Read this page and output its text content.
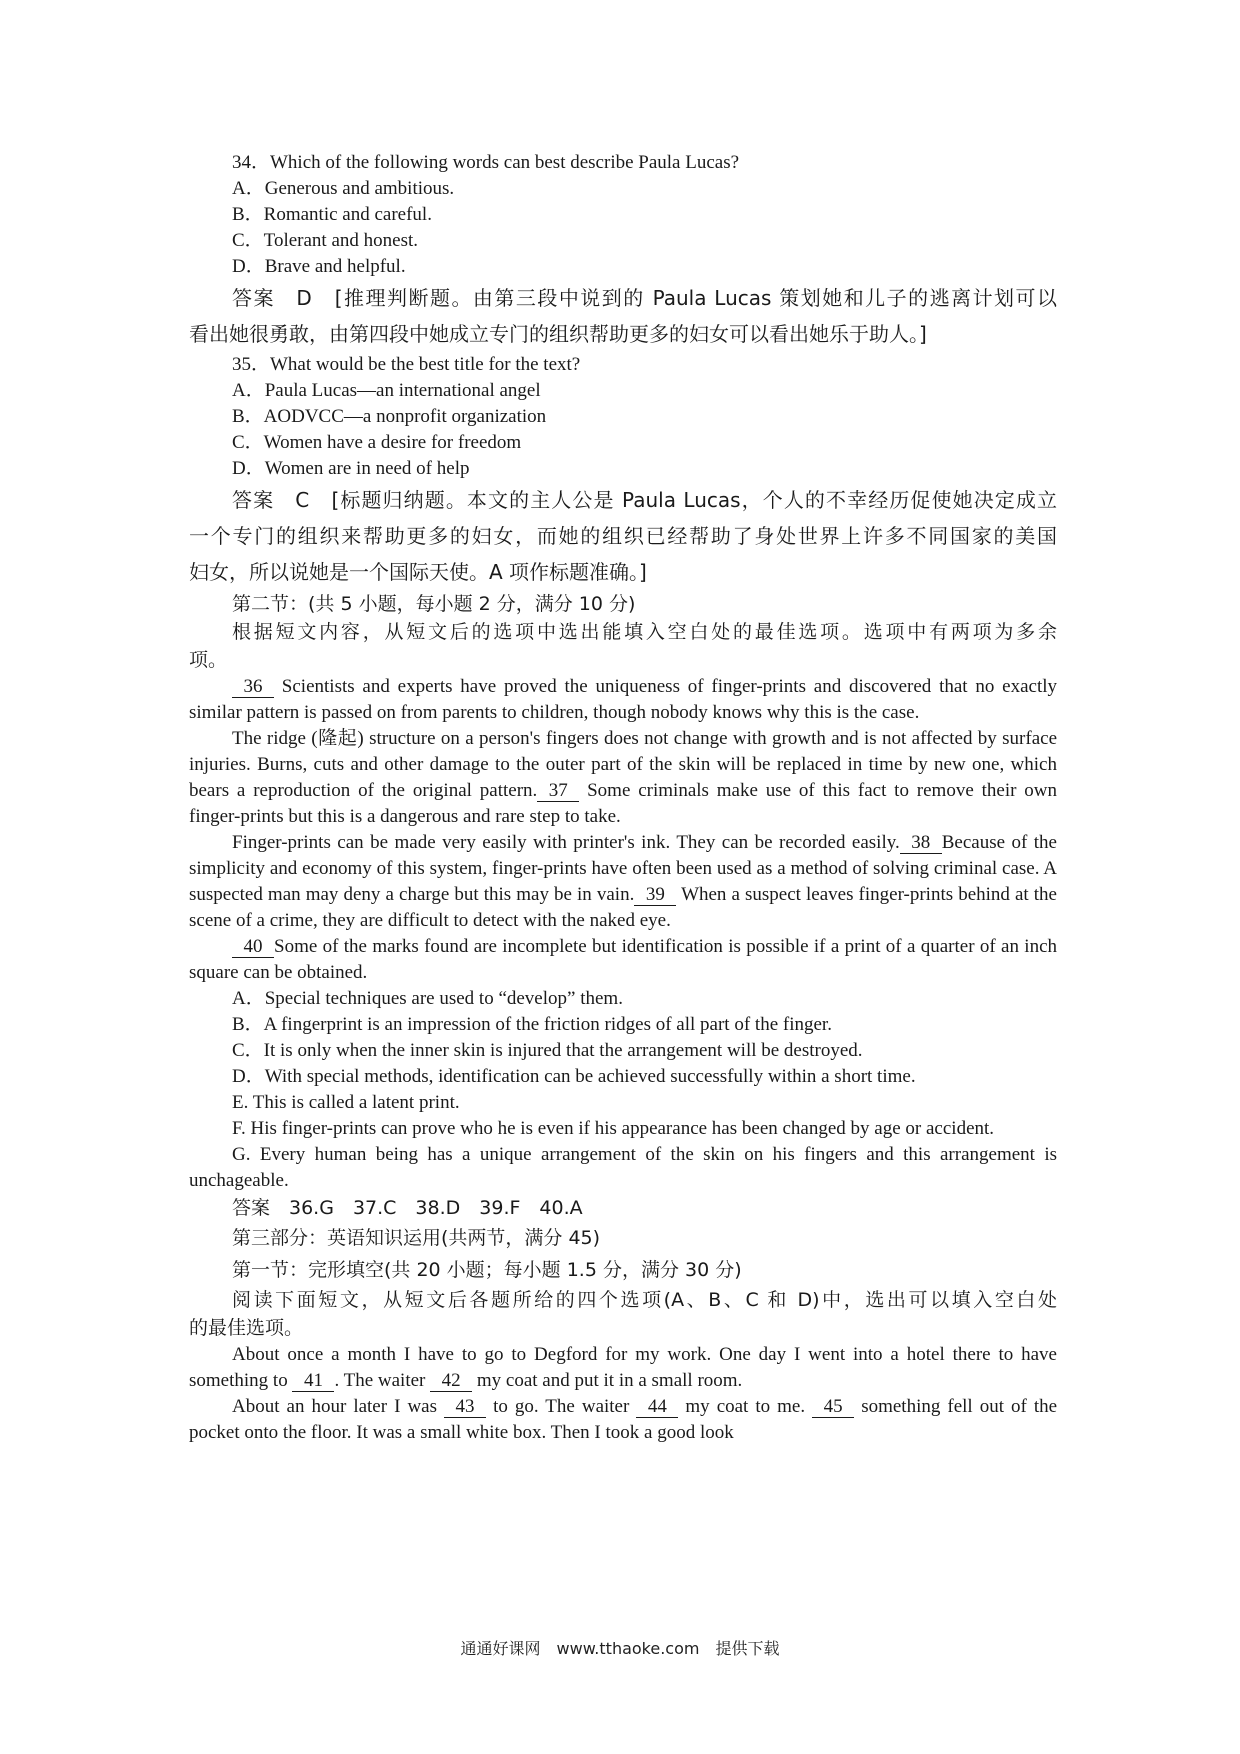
34．Which of the following words can best describe Paula Lucas?
A．Generous and ambitious.
B．Romantic and careful.
C．Tolerant and honest.
D．Brave and helpful.
答案　D　[推理判断题。由第三段中说到的 Paula Lucas 策划她和儿子的逃离计划可以
看出她很勇敢，由第四段中她成立专门的组织帮助更多的妇女可以看出她乐于助人。]
35．What would be the best title for the text?
A．Paula Lucas—an international angel
B．AODVCC—a nonprofit organization
C．Women have a desire for freedom
D．Women are in need of help
答案　C　[标题归纳题。本文的主人公是 Paula Lucas，个人的不幸经历促使她决定成立
一个专门的组织来帮助更多的妇女，而她的组织已经帮助了身处世界上许多不同国家的美国
妇女，所以说她是一个国际天使。A 项作标题准确。]
第二节：(共 5 小题，每小题 2 分，满分 10 分)
根据短文内容，从短文后的选项中选出能填入空白处的最佳选项。选项中有两项为多余
项。
36 Scientists and experts have proved the uniqueness of finger-prints and discovered that no exactly similar pattern is passed on from parents to children, though nobody knows why this is the case.
The ridge (隆起) structure on a person's fingers does not change with growth and is not affected by surface injuries. Burns, cuts and other damage to the outer part of the skin will be replaced in time by new one, which bears a reproduction of the original pattern. 37 Some criminals make use of this fact to remove their own finger-prints but this is a dangerous and rare step to take.
Finger-prints can be made very easily with printer's ink. They can be recorded easily. 38 Because of the simplicity and economy of this system, finger-prints have often been used as a method of solving criminal case. A suspected man may deny a charge but this may be in vain. 39 When a suspect leaves finger-prints behind at the scene of a crime, they are difficult to detect with the naked eye.
40 Some of the marks found are incomplete but identification is possible if a print of a quarter of an inch square can be obtained.
A．Special techniques are used to “develop” them.
B．A fingerprint is an impression of the friction ridges of all part of the finger.
C．It is only when the inner skin is injured that the arrangement will be destroyed.
D．With special methods, identification can be achieved successfully within a short time.
E. This is called a latent print.
F. His finger-prints can prove who he is even if his appearance has been changed by age or accident.
G. Every human being has a unique arrangement of the skin on his fingers and this arrangement is unchageable.
答案　36.G　37.C　38.D　39.F　40.A
第三部分：英语知识运用(共两节，满分 45)
第一节：完形填空(共 20 小题；每小题 1.5 分，满分 30 分)
阅读下面短文，从短文后各题所给的四个选项(A、B、C 和 D)中，选出可以填入空白处
的最佳选项。
About once a month I have to go to Degford for my work. One day I went into a hotel there to have something to 41 . The waiter 42 my coat and put it in a small room.
About an hour later I was 43 to go. The waiter 44 my coat to me. 45 something fell out of the pocket onto the floor. It was a small white box. Then I took a good look
通通好课网　www.tthaoke.com　提供下载
